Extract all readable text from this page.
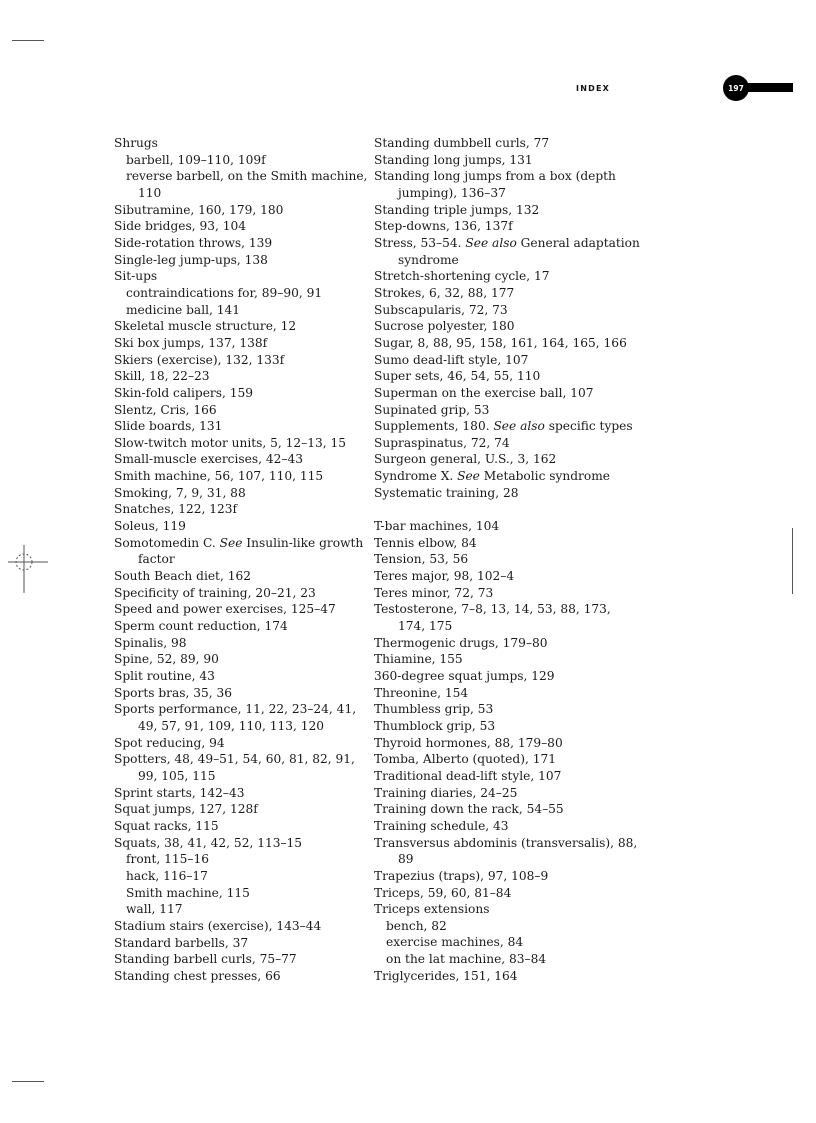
INDEX	197

Shrugs

barbell, 109–110, 109f

reverse barbell, on the Smith machine,

110

Sibutramine, 160, 179, 180

Side bridges, 93, 104

Side-rotation throws, 139

Single-leg jump-ups, 138

Sit-ups

contraindications for, 89–90, 91

medicine ball, 141

Skeletal muscle structure, 12

Ski box jumps, 137, 138f

Skiers (exercise), 132, 133f

Skill, 18, 22–23

Skin-fold calipers, 159

Slentz, Cris, 166

Slide boards, 131

Slow-twitch motor units, 5, 12–13, 15

Small-muscle exercises, 42–43

Smith machine, 56, 107, 110, 115

Smoking, 7, 9, 31, 88

Snatches, 122, 123f

Soleus, 119

Somotomedin C. See Insulin-like growth

factor

South Beach diet, 162

Specificity of training, 20–21, 23

Speed and power exercises, 125–47

Sperm count reduction, 174

Spinalis, 98

Spine, 52, 89, 90

Split routine, 43

Sports bras, 35, 36

Sports performance, 11, 22, 23–24, 41,

49, 57, 91, 109, 110, 113, 120

Spot reducing, 94

Spotters, 48, 49–51, 54, 60, 81, 82, 91,

99, 105, 115

Sprint starts, 142–43

Squat jumps, 127, 128f

Squat racks, 115

Squats, 38, 41, 42, 52, 113–15

front, 115–16

hack, 116–17

Smith machine, 115

wall, 117

Stadium stairs (exercise), 143–44

Standard barbells, 37

Standing barbell curls, 75–77

Standing chest presses, 66

Standing dumbbell curls, 77

Standing long jumps, 131

Standing long jumps from a box (depth

jumping), 136–37

Standing triple jumps, 132

Step-downs, 136, 137f

Stress, 53–54. See also General adaptation

syndrome

Stretch-shortening cycle, 17

Strokes, 6, 32, 88, 177

Subscapularis, 72, 73

Sucrose polyester, 180

Sugar, 8, 88, 95, 158, 161, 164, 165, 166

Sumo dead-lift style, 107

Super sets, 46, 54, 55, 110

Superman on the exercise ball, 107

Supinated grip, 53

Supplements, 180. See also specific types

Supraspinatus, 72, 74

Surgeon general, U.S., 3, 162

Syndrome X. See Metabolic syndrome

Systematic training, 28

T-bar machines, 104

Tennis elbow, 84

Tension, 53, 56

Teres major, 98, 102–4

Teres minor, 72, 73

Testosterone, 7–8, 13, 14, 53, 88, 173,

174, 175

Thermogenic drugs, 179–80

Thiamine, 155

360-degree squat jumps, 129

Threonine, 154

Thumbless grip, 53

Thumblock grip, 53

Thyroid hormones, 88, 179–80

Tomba, Alberto (quoted), 171

Traditional dead-lift style, 107

Training diaries, 24–25

Training down the rack, 54–55

Training schedule, 43

Transversus abdominis (transversalis), 88,

89

Trapezius (traps), 97, 108–9

Triceps, 59, 60, 81–84

Triceps extensions

bench, 82

exercise machines, 84

on the lat machine, 83–84

Triglycerides, 151, 164
